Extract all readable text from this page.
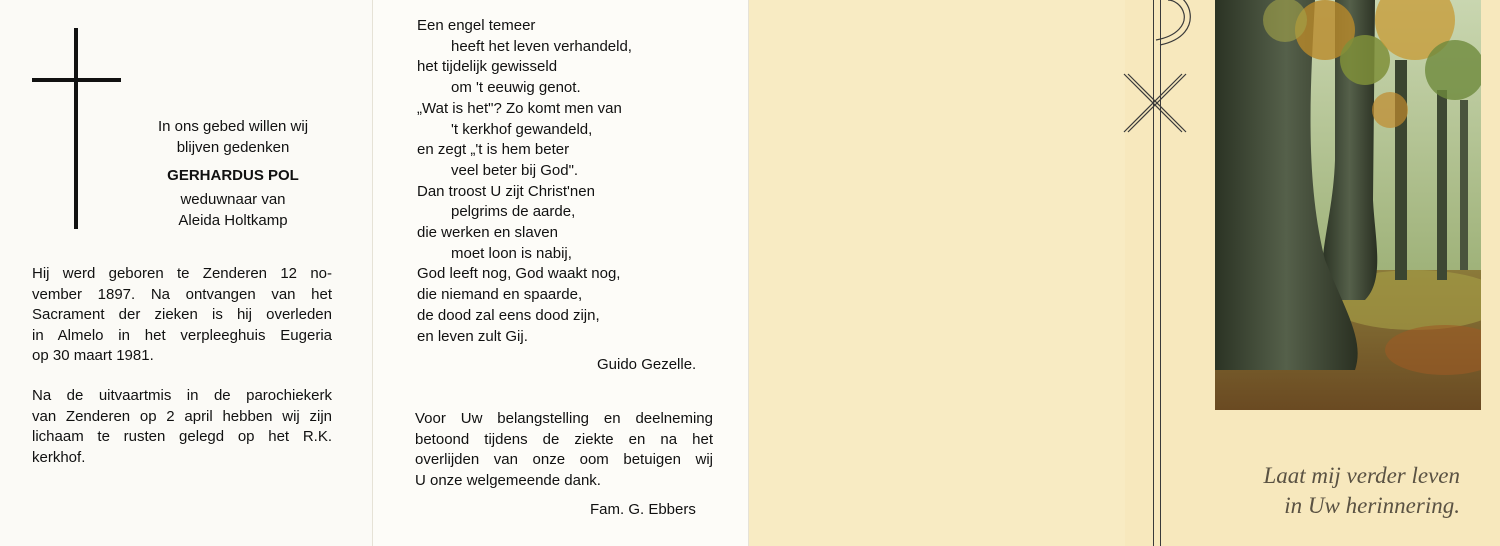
In ons gebed willen wij
blijven gedenken
GERHARDUS POL
weduwnaar van
Aleida Holtkamp
Hij werd geboren te Zenderen 12 no-
vember 1897. Na ontvangen van het
Sacrament der zieken is hij overleden
in Almelo in het verpleeghuis Eugeria
op 30 maart 1981.
Na de uitvaartmis in de parochiekerk
van Zenderen op 2 april hebben wij zijn
lichaam te rusten gelegd op het R.K.
kerkhof.
Een engel temeer
heeft het leven verhandeld,
het tijdelijk gewisseld
om 't eeuwig genot.
„Wat is het"? Zo komt men van
't kerkhof gewandeld,
en zegt „'t is hem beter
veel beter bij God".
Dan troost U zijt Christ'nen
pelgrims de aarde,
die werken en slaven
moet loon is nabij,
God leeft nog, God waakt nog,
die niemand en spaarde,
de dood zal eens dood zijn,
en leven zult Gij.
Guido Gezelle.
Voor Uw belangstelling en deelneming
betoond tijdens de ziekte en na het
overlijden van onze oom betuigen wij
U onze welgemeende dank.
Fam. G. Ebbers
Laat mij verder leven
in Uw herinnering.
